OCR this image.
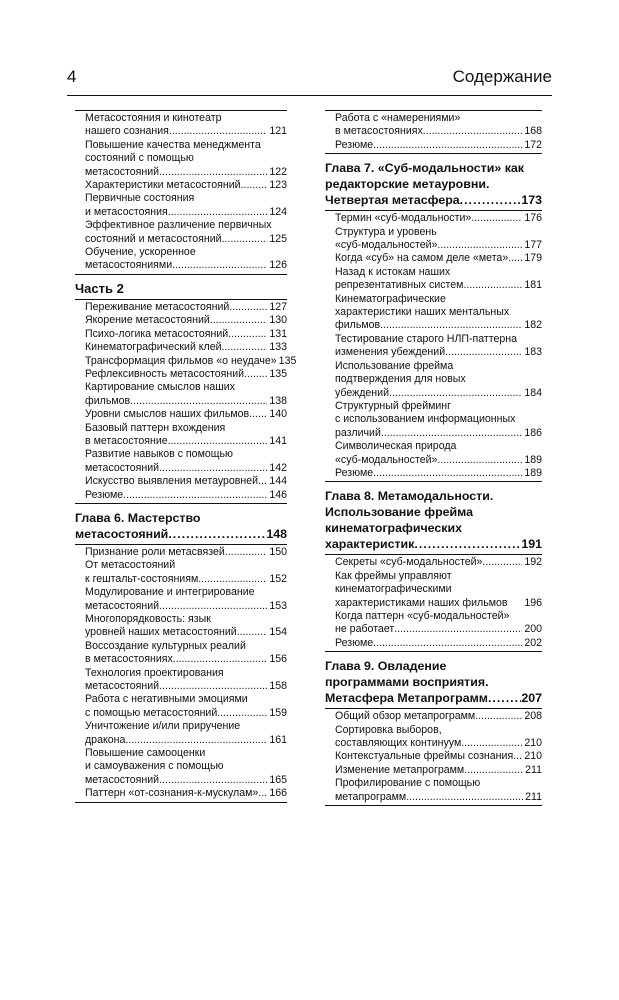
4	Содержание
Метасостояния и кинотеатр
нашего сознания .....	121
Повышение качества менеджмента
состояний с помощью
метасостояний .....	122
Характеристики метасостояний .....	123
Первичные состояния
и метасостояния .....	124
Эффективное различение первичных
состояний и метасостояний .....	125
Обучение, ускоренное
метасостояниями .....	126
Часть 2
Переживание метасостояний .....	127
Якорение метасостояний .....	130
Психо-логика метасостояний .....	131
Кинематографический клей .....	133
Трансформация фильмов «о неудаче» 135
Рефлексивность метасостояний ..... 135
Картирование смыслов наших
фильмов .....	138
Уровни смыслов наших фильмов ..... 140
Базовый паттерн вхождения
в метасостояние .....	141
Развитие навыков с помощью
метасостояний .....	142
Искусство выявления метауровней ..... 144
Резюме .....	146
Глава 6. Мастерство
метасостояний .....	148
Признание роли метасвязей .....	150
От метасостояний
к гештальт-состояниям .....	152
Модулирование и интегрирование
метасостояний .....	153
Многопорядковость: язык
уровней наших метасостояний .....	154
Воссоздание культурных реалий
в метасостояниях .....	156
Технология проектирования
метасостояний .....	158
Работа с негативными эмоциями
с помощью метасостояний .....	159
Уничтожение и/или приручение
дракона .....	161
Повышение самооценки
и самоуважения с помощью
метасостояний .....	165
Паттерн «от-сознания-к-мускулам» ..... 166
Работа с «намерениями»
в метасостояниях .....	168
Резюме .....	172
Глава 7. «Суб-модальности» как
редакторские метауровни.
Четвертая метасфера .....	173
Термин «суб-модальности» .....	176
Структура и уровень
«суб-модальностей» .....	177
Когда «суб» на самом деле «мета» ..... 179
Назад к истокам наших
репрезентативных систем .....	181
Кинематографические
характеристики наших ментальных
фильмов .....	182
Тестирование старого НЛП-паттерна
изменения убеждений .....	183
Использование фрейма
подтверждения для новых
убеждений .....	184
Структурный фрейминг
с использованием информационных
различий .....	186
Символическая природа
«суб-модальностей» .....	189
Резюме .....	189
Глава 8. Метамодальности.
Использование фрейма
кинематографических
характеристик .....	191
Секреты «суб-модальностей» .....	192
Как фреймы управляют
кинематографическими
характеристиками наших фильмов 196
Когда паттерн «суб-модальностей»
не работает .....	200
Резюме .....	202
Глава 9. Овладение
программами восприятия.
Метасфера Метапрограмм .....	207
Общий обзор метапрограмм .....	208
Сортировка выборов,
составляющих континуум .....	210
Контекстуальные фреймы сознания ..... 210
Изменение метапрограмм .....	211
Профилирование с помощью
метапрограмм .....	211
